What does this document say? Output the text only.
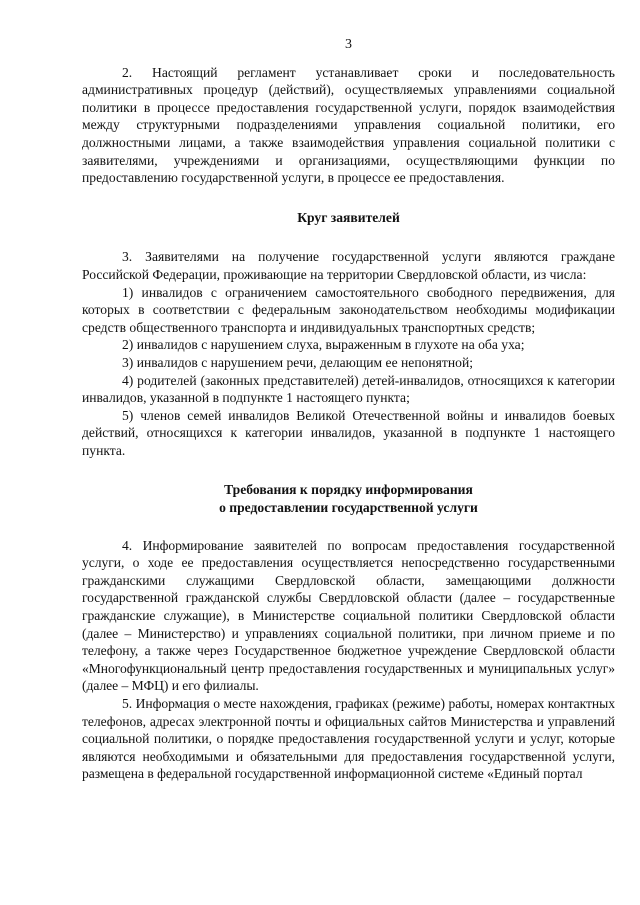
3

2. Настоящий регламент устанавливает сроки и последовательность административных процедур (действий), осуществляемых управлениями социальной политики в процессе предоставления государственной услуги, порядок взаимодействия между структурными подразделениями управления социальной политики, его должностными лицами, а также взаимодействия управления социальной политики с заявителями, учреждениями и организациями, осуществляющими функции по предоставлению государственной услуги, в процессе ее предоставления.

Круг заявителей

3. Заявителями на получение государственной услуги являются граждане Российской Федерации, проживающие на территории Свердловской области, из числа:

1) инвалидов с ограничением самостоятельного свободного передвижения, для которых в соответствии с федеральным законодательством необходимы модификации средств общественного транспорта и индивидуальных транспортных средств;

2) инвалидов с нарушением слуха, выраженным в глухоте на оба уха;

3) инвалидов с нарушением речи, делающим ее непонятной;

4) родителей (законных представителей) детей-инвалидов, относящихся к категории инвалидов, указанной в подпункте 1 настоящего пункта;

5) членов семей инвалидов Великой Отечественной войны и инвалидов боевых действий, относящихся к категории инвалидов, указанной в подпункте 1 настоящего пункта.

Требования к порядку информирования
о предоставлении государственной услуги

4. Информирование заявителей по вопросам предоставления государственной услуги, о ходе ее предоставления осуществляется непосредственно государственными гражданскими служащими Свердловской области, замещающими должности государственной гражданской службы Свердловской области (далее – государственные гражданские служащие), в Министерстве социальной политики Свердловской области (далее – Министерство) и управлениях социальной политики, при личном приеме и по телефону, а также через Государственное бюджетное учреждение Свердловской области «Многофункциональный центр предоставления государственных и муниципальных услуг» (далее – МФЦ) и его филиалы.

5. Информация о месте нахождения, графиках (режиме) работы, номерах контактных телефонов, адресах электронной почты и официальных сайтов Министерства и управлений социальной политики, о порядке предоставления государственной услуги и услуг, которые являются необходимыми и обязательными для предоставления государственной услуги, размещена в федеральной государственной информационной системе «Единый портал
